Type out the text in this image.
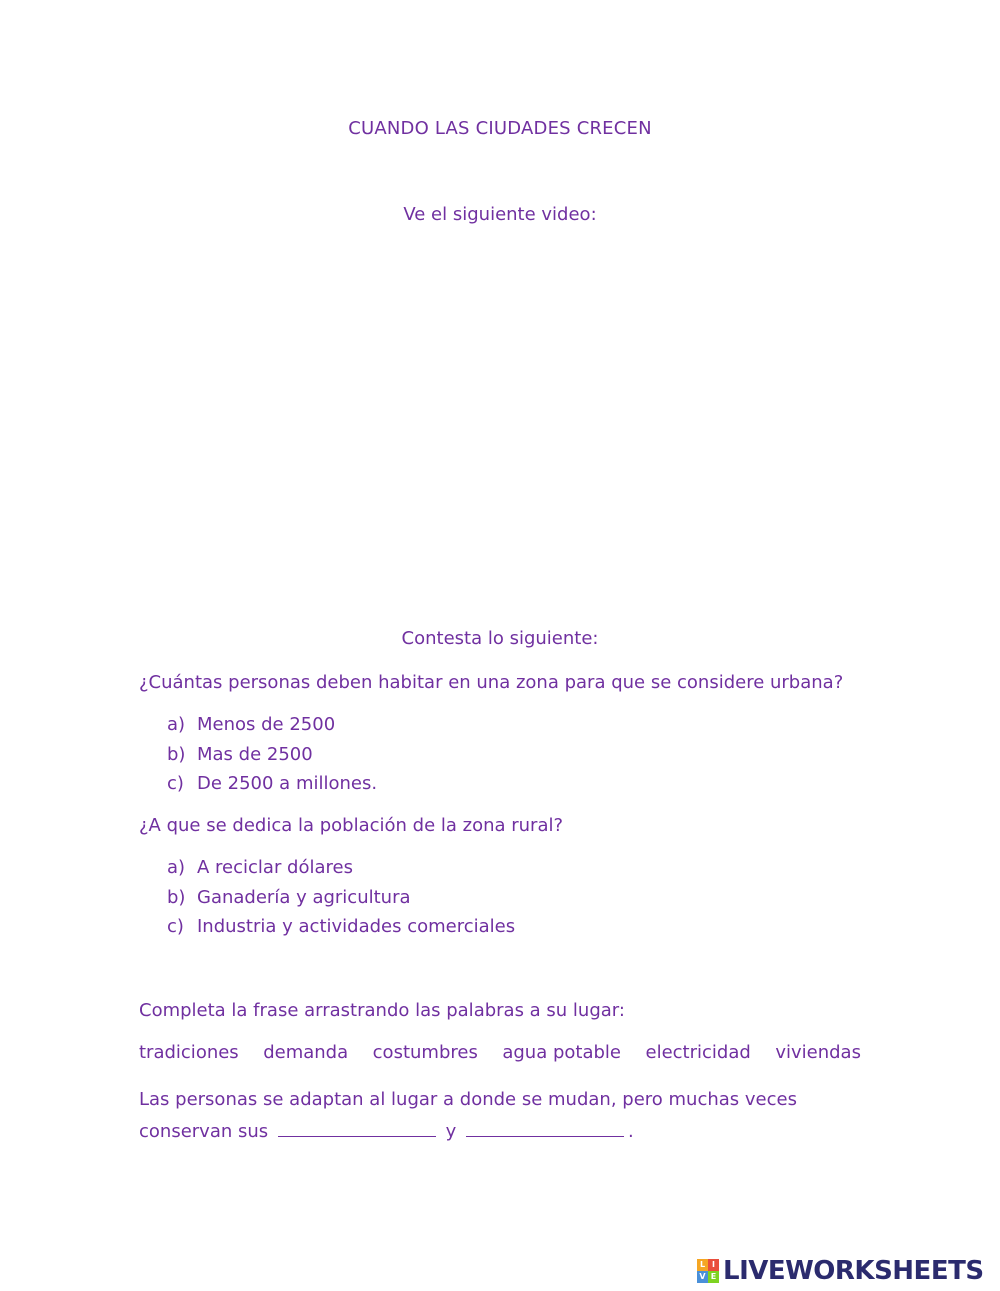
CUANDO LAS CIUDADES CRECEN
Ve el siguiente video:
Contesta lo siguiente:
¿Cuántas personas deben habitar en una zona para que se considere urbana?
a) Menos de 2500
b) Mas de 2500
c) De 2500 a millones.
¿A que se dedica la población de la zona rural?
a) A reciclar dólares
b) Ganadería y agricultura
c) Industria y actividades comerciales
Completa la frase arrastrando las palabras a su lugar:
tradiciones demanda costumbres agua potable electricidad viviendas
Las personas se adaptan al lugar a donde se mudan, pero muchas veces conservan sus	y	.
L I
V E LIVEWORKSHEETS
